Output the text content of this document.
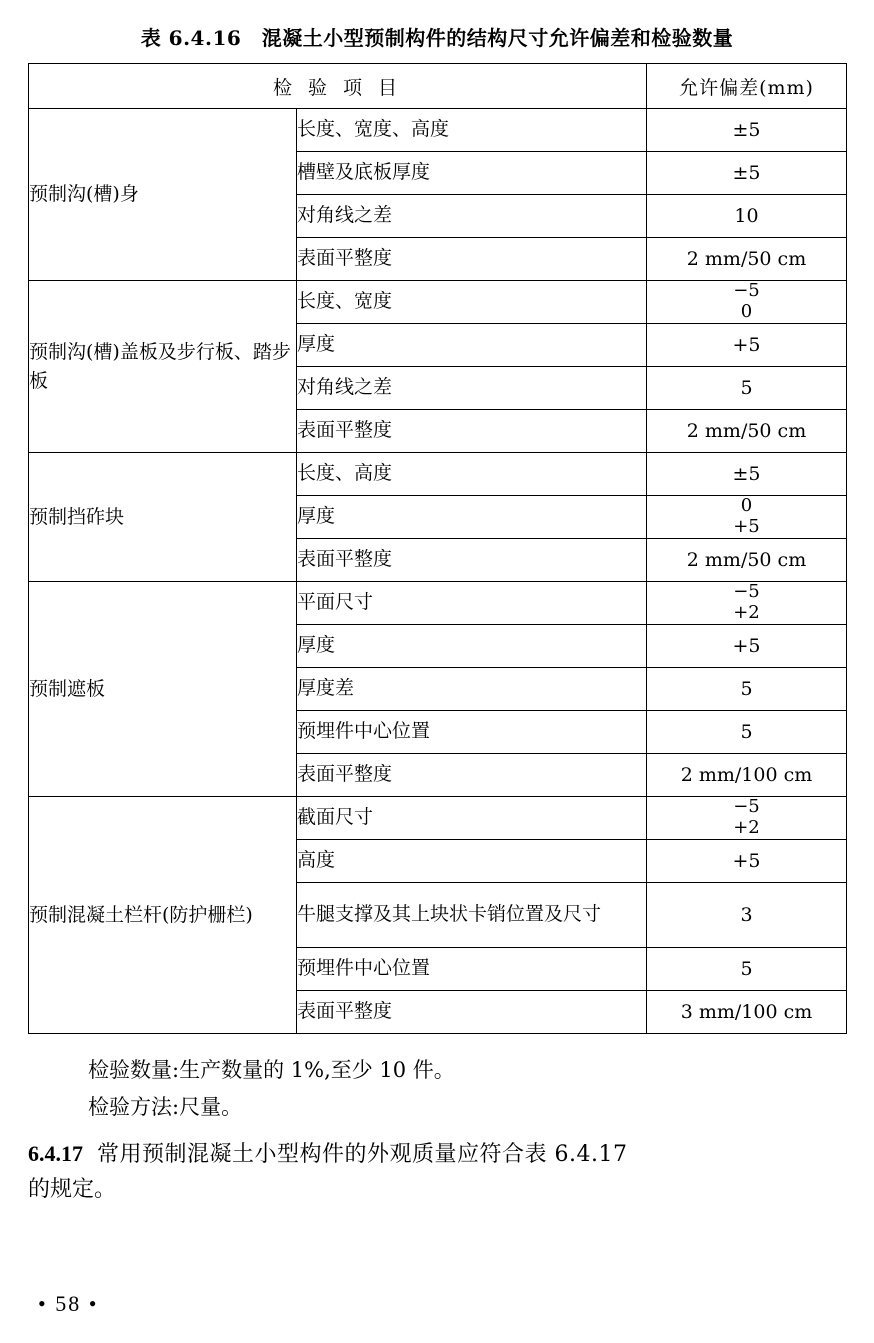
表 6.4.16　混凝土小型预制构件的结构尺寸允许偏差和检验数量
检 验 项 目		允许偏差(mm)

预制沟(槽)身	长度、宽度、高度	±5
	槽壁及底板厚度	±5
	对角线之差	10
	表面平整度	2 mm/50 cm

预制沟(槽)盖板及步行板、踏步板	长度、宽度	−5
0

	厚度	+5
	对角线之差	5
	表面平整度	2 mm/50 cm

预制挡砟块	长度、高度	±5
	厚度	0
+5

	表面平整度	2 mm/50 cm

预制遮板	平面尺寸	−5
+2

	厚度	+5
	厚度差	5
	预埋件中心位置	5
	表面平整度	2 mm/100 cm

预制混凝土栏杆(防护栅栏)	截面尺寸	−5
+2

	高度	+5
	牛腿支撑及其上块状卡销位置及尺寸	3
	预埋件中心位置	5
	表面平整度	3 mm/100 cm
检验数量:生产数量的 1%,至少 10 件。
检验方法:尺量。
6.4.17 常用预制混凝土小型构件的外观质量应符合表 6.4.17
的规定。
• 58 •
